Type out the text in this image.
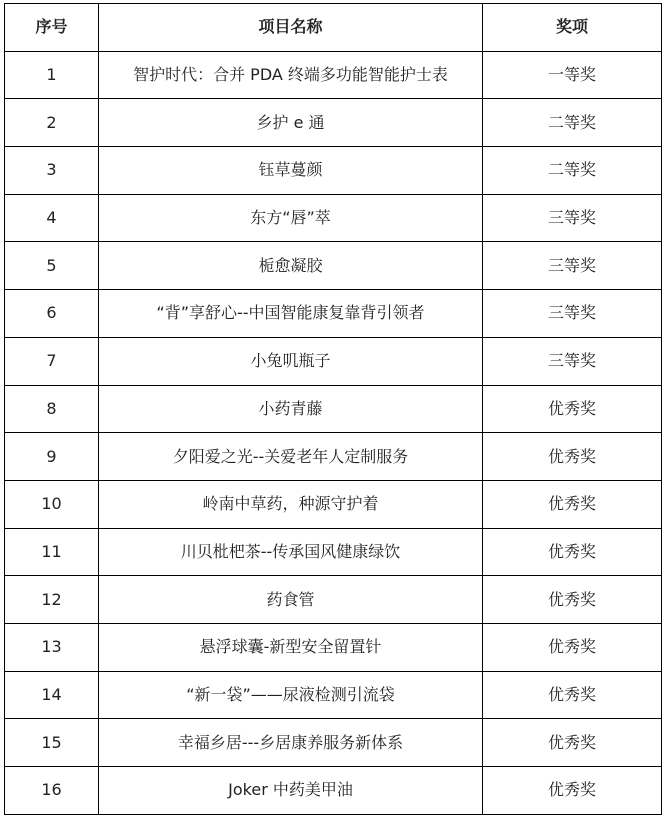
序号	项目名称	奖项
1	智护时代：合并 PDA 终端多功能智能护士表	一等奖
2	乡护 e 通	二等奖
3	钰草蔓颜	二等奖
4	东方“唇”萃	三等奖
5	栀愈凝胶	三等奖
6	“背”享舒心--中国智能康复靠背引领者	三等奖
7	小兔叽瓶子	三等奖
8	小药青藤	优秀奖
9	夕阳爱之光--关爱老年人定制服务	优秀奖
10	岭南中草药，种源守护着	优秀奖
11	川贝枇杷茶--传承国风健康绿饮	优秀奖
12	药食管	优秀奖
13	悬浮球囊-新型安全留置针	优秀奖
14	“新一袋”——尿液检测引流袋	优秀奖
15	幸福乡居---乡居康养服务新体系	优秀奖
16	Joker 中药美甲油	优秀奖
